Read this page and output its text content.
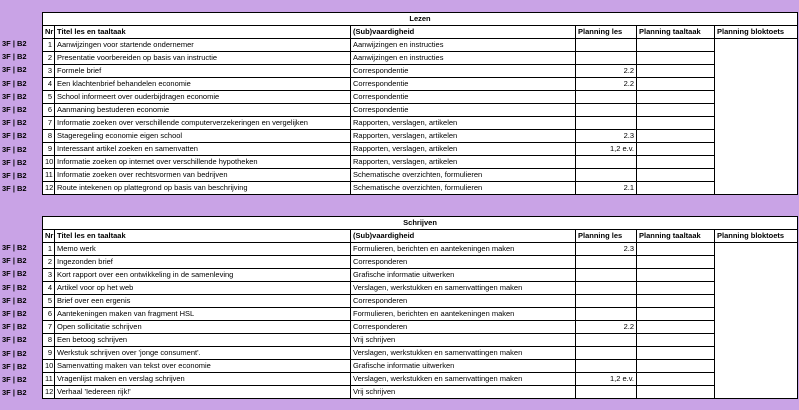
Lezen					
Nr	Titel les en taaltaak	(Sub)vaardigheid	Planning les	Planning taaltaak	Planning bloktoets
1	Aanwijzingen voor startende ondernemer	Aanwijzingen en instructies			
2	Presentatie voorbereiden op basis van instructie	Aanwijzingen en instructies			
3	Formele brief	Correspondentie	2.2		
4	Een klachtenbrief behandelen economie	Correspondentie	2.2		
5	School informeert over ouderbijdragen economie	Correspondentie			
6	Aanmaning bestuderen economie	Correspondentie			
7	Informatie zoeken over verschillende computerverzekeringen en vergelijken	Rapporten, verslagen, artikelen			
8	Stageregeling economie eigen school	Rapporten, verslagen, artikelen	2.3		
9	Interessant artikel zoeken en samenvatten	Rapporten, verslagen, artikelen	1,2 e.v.		
10	Informatie zoeken op internet over verschillende hypotheken	Rapporten, verslagen, artikelen			
11	Informatie zoeken over rechtsvormen van bedrijven	Schematische overzichten, formulieren			
12	Route intekenen op plattegrond op basis van beschrijving	Schematische overzichten, formulieren	2.1		
3F | B2
3F | B2
3F | B2
3F | B2
3F | B2
3F | B2
3F | B2
3F | B2
3F | B2
3F | B2
3F | B2
3F | B2
Schrijven					
Nr	Titel les en taaltaak	(Sub)vaardigheid	Planning les	Planning taaltaak	Planning bloktoets
1	Memo werk	Formulieren, berichten en aantekeningen maken	2.3		
2	Ingezonden brief	Corresponderen			
3	Kort rapport over een ontwikkeling in de samenleving	Grafische informatie uitwerken			
4	Artikel voor op het web	Verslagen, werkstukken en samenvattingen maken			
5	Brief over een ergenis	Corresponderen			
6	Aantekeningen maken van fragment HSL	Formulieren, berichten en aantekeningen maken			
7	Open sollicitatie schrijven	Corresponderen	2.2		
8	Een betoog schrijven	Vrij schrijven			
9	Werkstuk schrijven over 'jonge consument'.	Verslagen, werkstukken en samenvattingen maken			
10	Samenvatting maken van tekst over economie	Grafische informatie uitwerken			
11	Vragenlijst maken en verslag schrijven	Verslagen, werkstukken en samenvattingen maken	1,2 e.v.		
12	Verhaal 'Iedereen rijk!'	Vrij schrijven			
3F | B2
3F | B2
3F | B2
3F | B2
3F | B2
3F | B2
3F | B2
3F | B2
3F | B2
3F | B2
3F | B2
3F | B2
